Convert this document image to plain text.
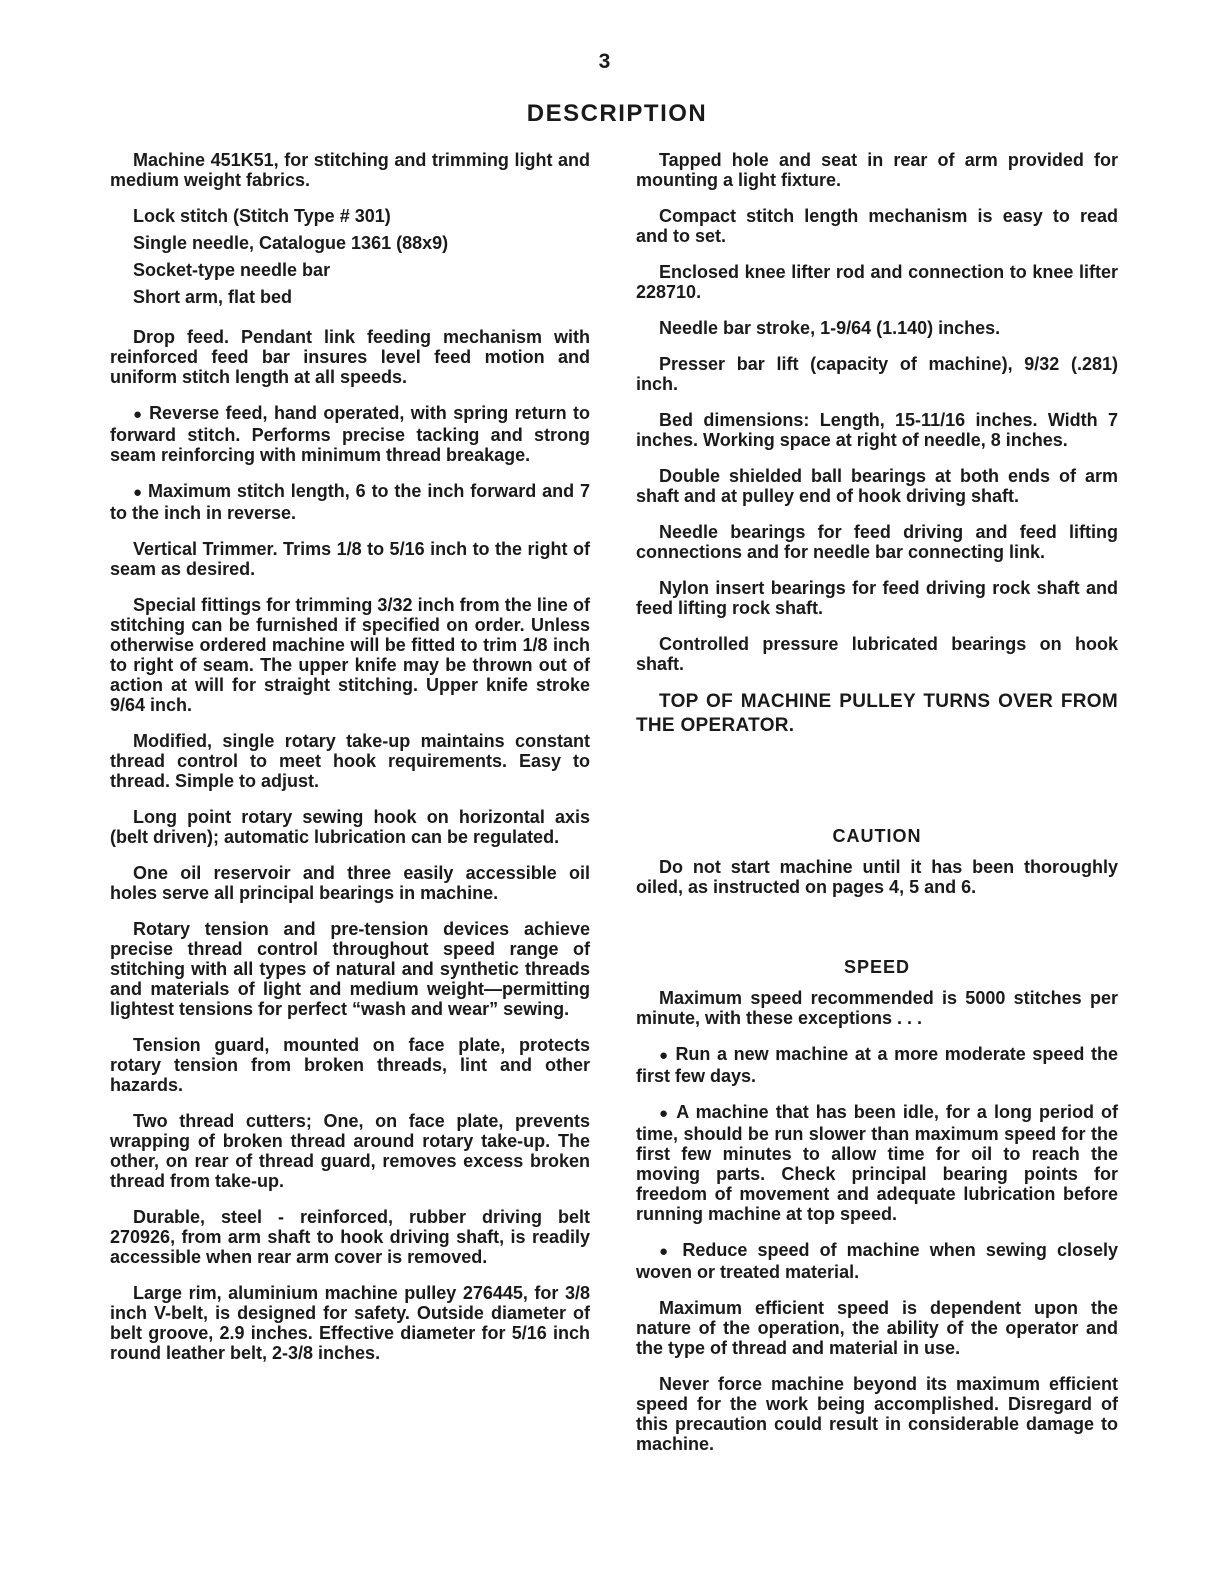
3
DESCRIPTION

Machine 451K51, for stitching and trimming light and medium weight fabrics.

Lock stitch (Stitch Type # 301)

Single needle, Catalogue 1361 (88x9)

Socket-type needle bar

Short arm, flat bed

Drop feed. Pendant link feeding mechanism with reinforced feed bar insures level feed motion and uniform stitch length at all speeds.

● Reverse feed, hand operated, with spring return to forward stitch. Performs precise tacking and strong seam reinforcing with minimum thread breakage.

● Maximum stitch length, 6 to the inch forward and 7 to the inch in reverse.

Vertical Trimmer. Trims 1/8 to 5/16 inch to the right of seam as desired.

Special fittings for trimming 3/32 inch from the line of stitching can be furnished if specified on order. Unless otherwise ordered machine will be fitted to trim 1/8 inch to right of seam. The upper knife may be thrown out of action at will for straight stitching. Upper knife stroke 9/64 inch.

Modified, single rotary take-up maintains constant thread control to meet hook requirements. Easy to thread. Simple to adjust.

Long point rotary sewing hook on horizontal axis (belt driven); automatic lubrication can be regulated.

One oil reservoir and three easily accessible oil holes serve all principal bearings in machine.

Rotary tension and pre-tension devices achieve precise thread control throughout speed range of stitching with all types of natural and synthetic threads and materials of light and medium weight—permitting lightest tensions for perfect “wash and wear” sewing.

Tension guard, mounted on face plate, protects rotary tension from broken threads, lint and other hazards.

Two thread cutters; One, on face plate, prevents wrapping of broken thread around rotary take-up. The other, on rear of thread guard, removes excess broken thread from take-up.

Durable, steel - reinforced, rubber driving belt 270926, from arm shaft to hook driving shaft, is readily accessible when rear arm cover is removed.

Large rim, aluminium machine pulley 276445, for 3/8 inch V-belt, is designed for safety. Outside diameter of belt groove, 2.9 inches. Effective diameter for 5/16 inch round leather belt, 2-3/8 inches.

Tapped hole and seat in rear of arm provided for mounting a light fixture.

Compact stitch length mechanism is easy to read and to set.

Enclosed knee lifter rod and connection to knee lifter 228710.

Needle bar stroke, 1-9/64 (1.140) inches.

Presser bar lift (capacity of machine), 9/32 (.281) inch.

Bed dimensions: Length, 15-11/16 inches. Width 7 inches. Working space at right of needle, 8 inches.

Double shielded ball bearings at both ends of arm shaft and at pulley end of hook driving shaft.

Needle bearings for feed driving and feed lifting connections and for needle bar connecting link.

Nylon insert bearings for feed driving rock shaft and feed lifting rock shaft.

Controlled pressure lubricated bearings on hook shaft.

TOP OF MACHINE PULLEY TURNS OVER FROM THE OPERATOR.

CAUTION

Do not start machine until it has been thoroughly oiled, as instructed on pages 4, 5 and 6.

SPEED

Maximum speed recommended is 5000 stitches per minute, with these exceptions . . .

● Run a new machine at a more moderate speed the first few days.

● A machine that has been idle, for a long period of time, should be run slower than maximum speed for the first few minutes to allow time for oil to reach the moving parts. Check principal bearing points for freedom of movement and adequate lubrication before running machine at top speed.

● Reduce speed of machine when sewing closely woven or treated material.

Maximum efficient speed is dependent upon the nature of the operation, the ability of the operator and the type of thread and material in use.

Never force machine beyond its maximum efficient speed for the work being accomplished. Disregard of this precaution could result in considerable damage to machine.
